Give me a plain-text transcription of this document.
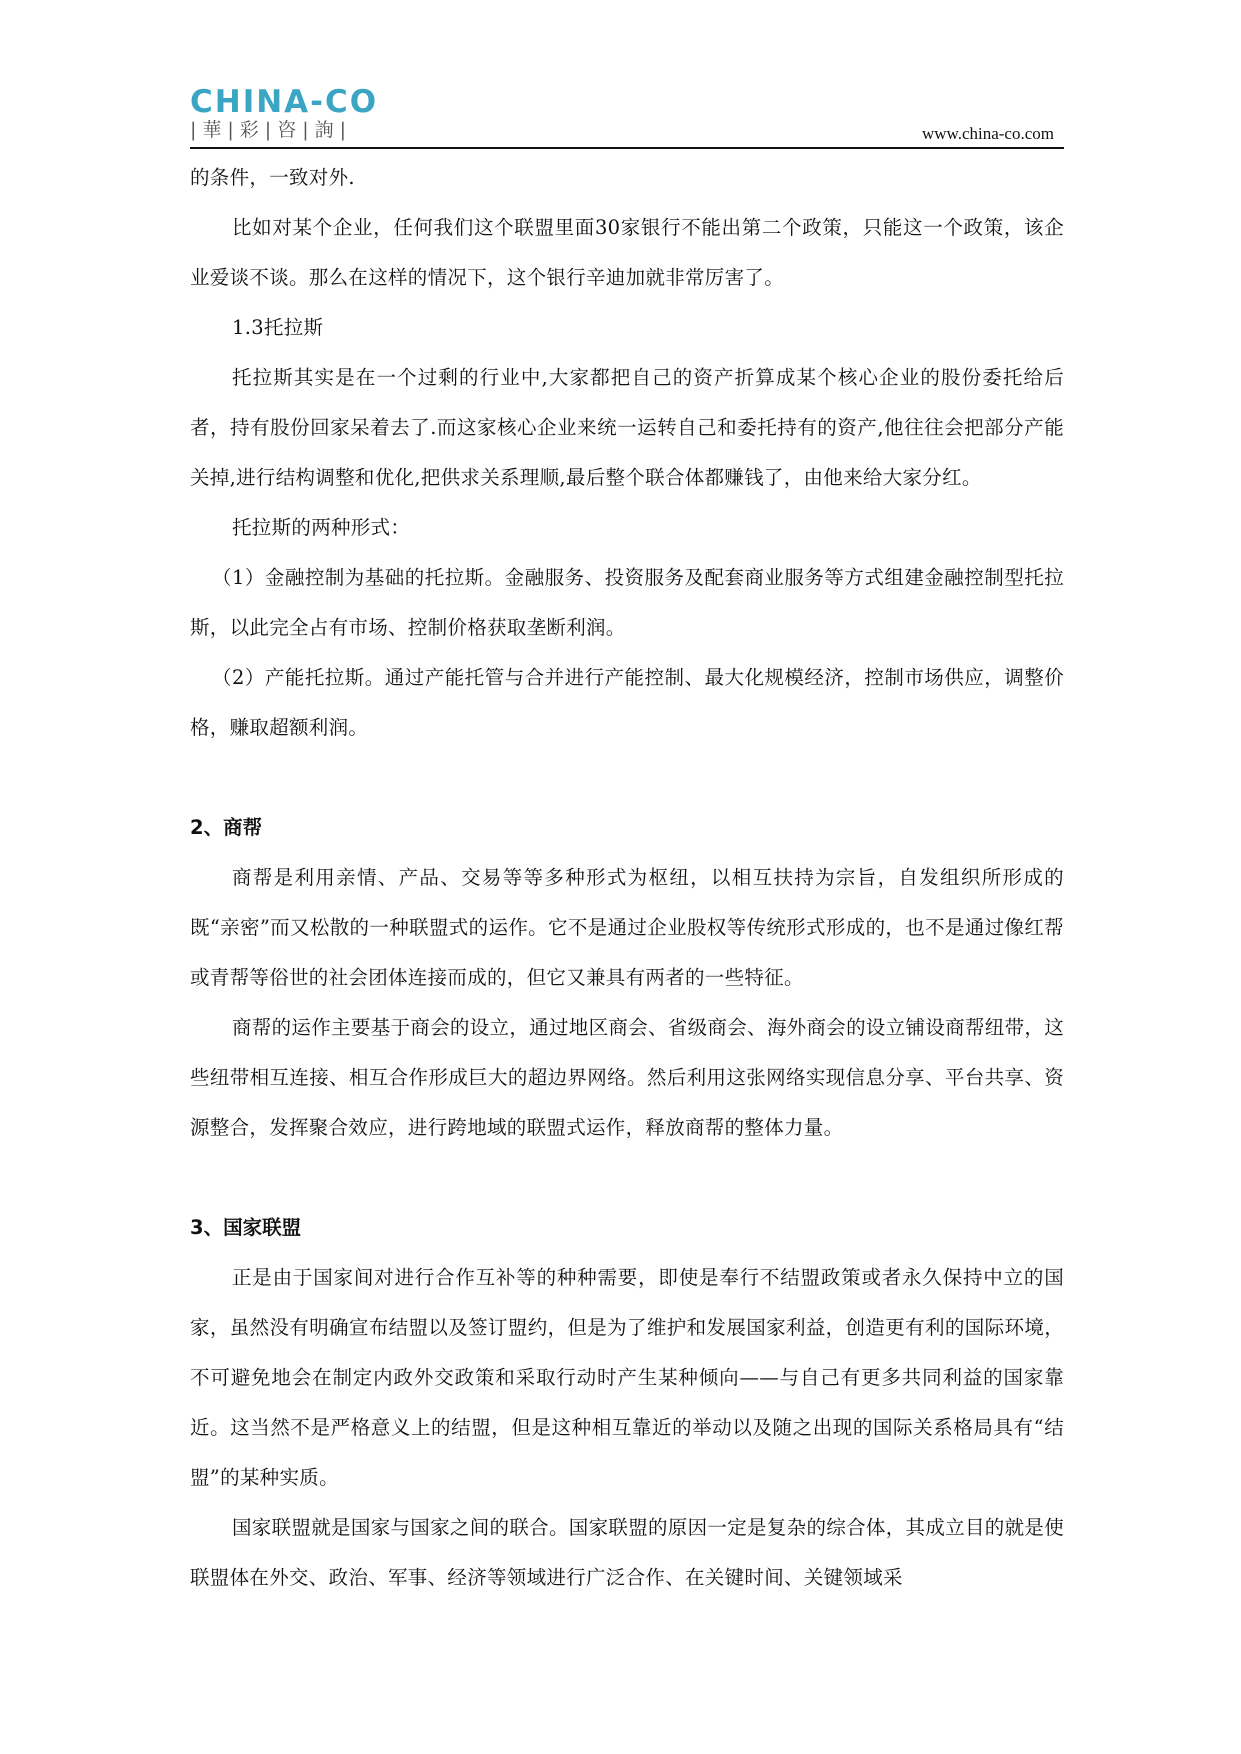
CHINA-CO
|華|彩|咨|詢|	www.china-co.com

的条件，一致对外.

比如对某个企业，任何我们这个联盟里面30家银行不能出第二个政策，只能这一个政策，该企业爱谈不谈。那么在这样的情况下，这个银行辛迪加就非常厉害了。

1.3托拉斯

托拉斯其实是在一个过剩的行业中,大家都把自己的资产折算成某个核心企业的股份委托给后者，持有股份回家呆着去了.而这家核心企业来统一运转自己和委托持有的资产,他往往会把部分产能关掉,进行结构调整和优化,把供求关系理顺,最后整个联合体都赚钱了，由他来给大家分红。

托拉斯的两种形式：

（1）金融控制为基础的托拉斯。金融服务、投资服务及配套商业服务等方式组建金融控制型托拉斯，以此完全占有市场、控制价格获取垄断利润。

（2）产能托拉斯。通过产能托管与合并进行产能控制、最大化规模经济，控制市场供应，调整价格，赚取超额利润。

2、商帮

商帮是利用亲情、产品、交易等等多种形式为枢纽，以相互扶持为宗旨，自发组织所形成的既“亲密”而又松散的一种联盟式的运作。它不是通过企业股权等传统形式形成的，也不是通过像红帮或青帮等俗世的社会团体连接而成的，但它又兼具有两者的一些特征。

商帮的运作主要基于商会的设立，通过地区商会、省级商会、海外商会的设立铺设商帮纽带，这些纽带相互连接、相互合作形成巨大的超边界网络。然后利用这张网络实现信息分享、平台共享、资源整合，发挥聚合效应，进行跨地域的联盟式运作，释放商帮的整体力量。

3、国家联盟

正是由于国家间对进行合作互补等的种种需要，即使是奉行不结盟政策或者永久保持中立的国家，虽然没有明确宣布结盟以及签订盟约，但是为了维护和发展国家利益，创造更有利的国际环境，不可避免地会在制定内政外交政策和采取行动时产生某种倾向——与自己有更多共同利益的国家靠近。这当然不是严格意义上的结盟，但是这种相互靠近的举动以及随之出现的国际关系格局具有“结盟”的某种实质。

国家联盟就是国家与国家之间的联合。国家联盟的原因一定是复杂的综合体，其成立目的就是使联盟体在外交、政治、军事、经济等领域进行广泛合作、在关键时间、关键领域采
